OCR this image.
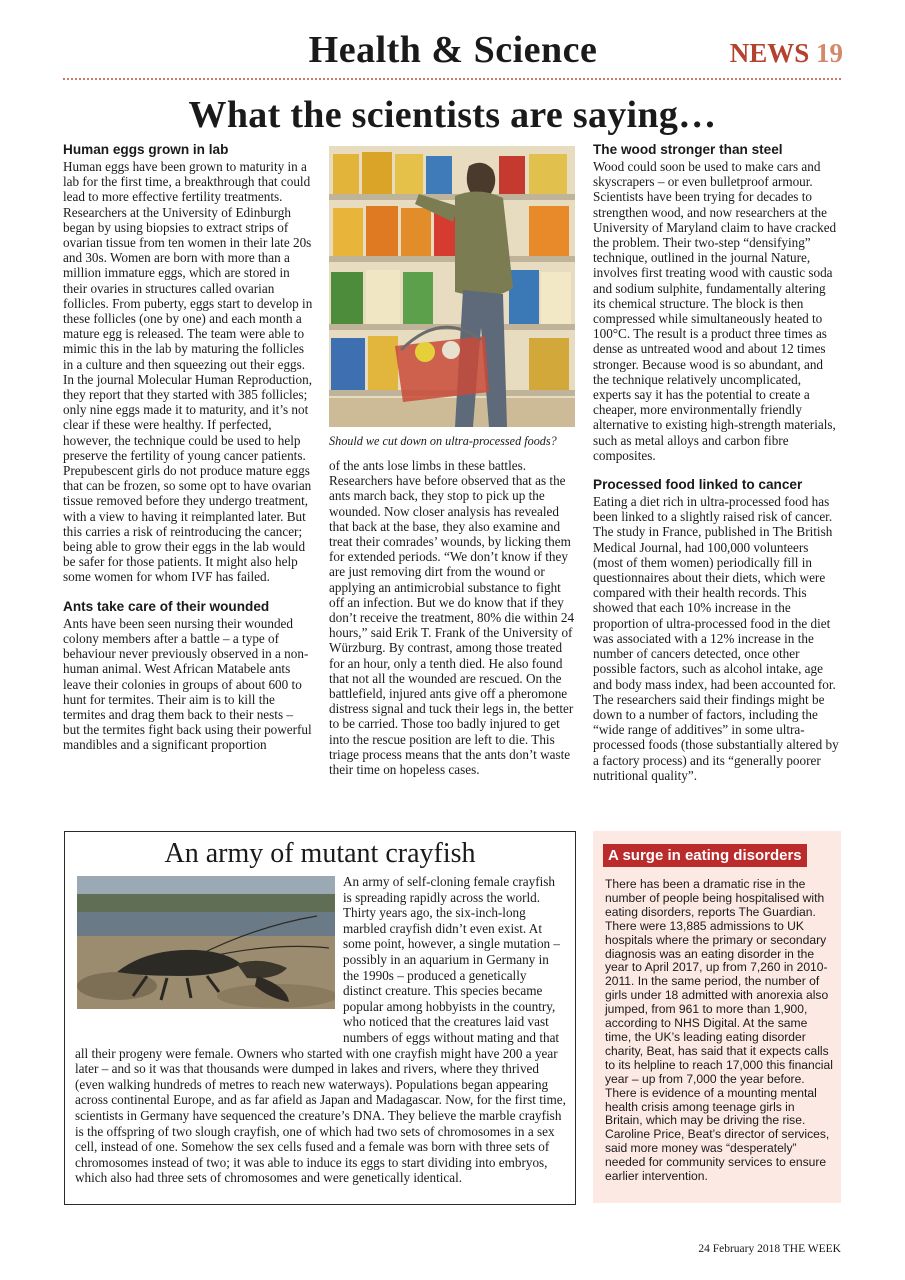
Health & Science	NEWS 19
What the scientists are saying…
Human eggs grown in lab

Human eggs have been grown to maturity in a lab for the first time, a breakthrough that could lead to more effective fertility treatments. Researchers at the University of Edinburgh began by using biopsies to extract strips of ovarian tissue from ten women in their late 20s and 30s. Women are born with more than a million immature eggs, which are stored in their ovaries in structures called ovarian follicles. From puberty, eggs start to develop in these follicles (one by one) and each month a mature egg is released. The team were able to mimic this in the lab by maturing the follicles in a culture and then squeezing out their eggs. In the journal Molecular Human Reproduction, they report that they started with 385 follicles; only nine eggs made it to maturity, and it’s not clear if these were healthy. If perfected, however, the technique could be used to help preserve the fertility of young cancer patients. Prepubescent girls do not produce mature eggs that can be frozen, so some opt to have ovarian tissue removed before they undergo treatment, with a view to having it reimplanted later. But this carries a risk of reintroducing the cancer; being able to grow their eggs in the lab would be safer for those patients. It might also help some women for whom IVF has failed.

Ants take care of their wounded

Ants have been seen nursing their wounded colony members after a battle – a type of behaviour never previously observed in a non-human animal. West African Matabele ants leave their colonies in groups of about 600 to hunt for termites. Their aim is to kill the termites and drag them back to their nests – but the termites fight back using their powerful mandibles and a significant proportion

Should we cut down on ultra-processed foods?

of the ants lose limbs in these battles. Researchers have before observed that as the ants march back, they stop to pick up the wounded. Now closer analysis has revealed that back at the base, they also examine and treat their comrades’ wounds, by licking them for extended periods. “We don’t know if they are just removing dirt from the wound or applying an antimicrobial substance to fight off an infection. But we do know that if they don’t receive the treatment, 80% die within 24 hours,” said Erik T. Frank of the University of Würzburg. By contrast, among those treated for an hour, only a tenth died. He also found that not all the wounded are rescued. On the battlefield, injured ants give off a pheromone distress signal and tuck their legs in, the better to be carried. Those too badly injured to get into the rescue position are left to die. This triage process means that the ants don’t waste their time on hopeless cases.

The wood stronger than steel

Wood could soon be used to make cars and skyscrapers – or even bulletproof armour. Scientists have been trying for decades to strengthen wood, and now researchers at the University of Maryland claim to have cracked the problem. Their two-step “densifying” technique, outlined in the journal Nature, involves first treating wood with caustic soda and sodium sulphite, fundamentally altering its chemical structure. The block is then compressed while simultaneously heated to 100°C. The result is a product three times as dense as untreated wood and about 12 times stronger. Because wood is so abundant, and the technique relatively uncomplicated, experts say it has the potential to create a cheaper, more environmentally friendly alternative to existing high-strength materials, such as metal alloys and carbon fibre composites.

Processed food linked to cancer

Eating a diet rich in ultra-processed food has been linked to a slightly raised risk of cancer. The study in France, published in The British Medical Journal, had 100,000 volunteers (most of them women) periodically fill in questionnaires about their diets, which were compared with their health records. This showed that each 10% increase in the proportion of ultra-processed food in the diet was associated with a 12% increase in the number of cancers detected, once other possible factors, such as alcohol intake, age and body mass index, had been accounted for. The researchers said their findings might be down to a number of factors, including the “wide range of additives” in some ultra-processed foods (those substantially altered by a factory process) and its “generally poorer nutritional quality”.

An army of mutant crayfish
An army of self-cloning female crayfish is spreading rapidly across the world. Thirty years ago, the six-inch-long marbled crayfish didn’t even exist. At some point, however, a single mutation – possibly in an aquarium in Germany in the 1990s – produced a genetically distinct creature. This species became popular among hobbyists in the country, who noticed that the creatures laid vast numbers of eggs without mating and that all their progeny were female. Owners who started with one crayfish might have 200 a year later – and so it was that thousands were dumped in lakes and rivers, where they thrived (even walking hundreds of metres to reach new waterways). Populations began appearing across continental Europe, and as far afield as Japan and Madagascar. Now, for the first time, scientists in Germany have sequenced the creature’s DNA. They believe the marble crayfish is the offspring of two slough crayfish, one of which had two sets of chromosomes in a sex cell, instead of one. Somehow the sex cells fused and a female was born with three sets of chromosomes instead of two; it was able to induce its eggs to start dividing into embryos, which also had three sets of chromosomes and were genetically identical.
A surge in eating disorders
There has been a dramatic rise in the number of people being hospitalised with eating disorders, reports The Guardian. There were 13,885 admissions to UK hospitals where the primary or secondary diagnosis was an eating disorder in the year to April 2017, up from 7,260 in 2010-2011. In the same period, the number of girls under 18 admitted with anorexia also jumped, from 961 to more than 1,900, according to NHS Digital. At the same time, the UK’s leading eating disorder charity, Beat, has said that it expects calls to its helpline to reach 17,000 this financial year – up from 7,000 the year before. There is evidence of a mounting mental health crisis among teenage girls in Britain, which may be driving the rise. Caroline Price, Beat’s director of services, said more money was “desperately” needed for community services to ensure earlier intervention.
24 February 2018 THE WEEK
